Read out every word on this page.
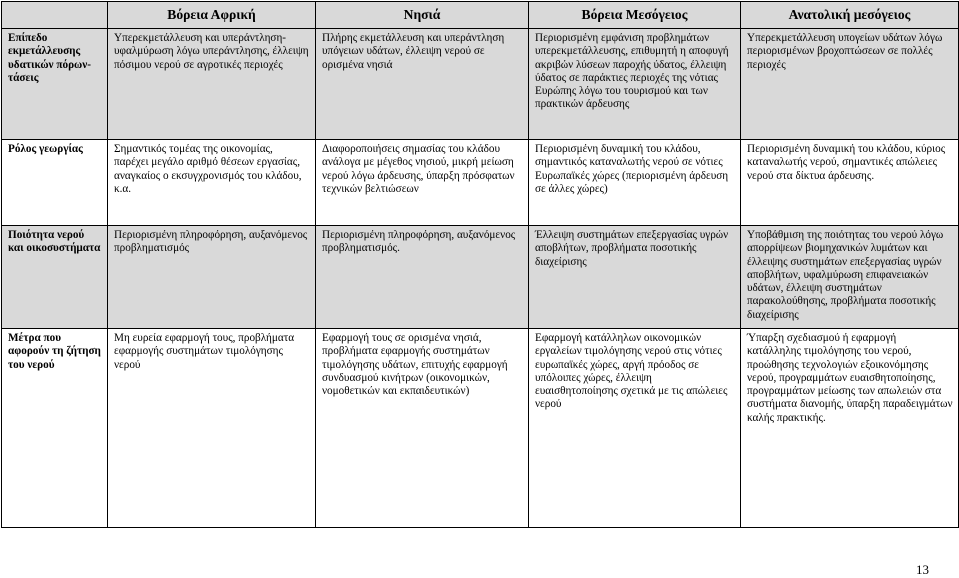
	Βόρεια Αφρική	Νησιά	Βόρεια Μεσόγειος	Ανατολική μεσόγειος
Επίπεδο εκμετάλλευσης υδατικών πόρων-τάσεις	Υπερεκμετάλλευση και υπεράντληση- υφαλμύρωση λόγω υπεράντλησης, έλλειψη πόσιμου νερού σε αγροτικές περιοχές	Πλήρης εκμετάλλευση και υπεράντληση υπόγειων υδάτων, έλλειψη νερού σε ορισμένα νησιά	Περιορισμένη εμφάνιση προβλημάτων υπερεκμετάλλευσης, επιθυμητή η αποφυγή ακριβών λύσεων παροχής ύδατος, έλλειψη ύδατος σε παράκτιες περιοχές της νότιας Ευρώπης λόγω του τουρισμού και των πρακτικών άρδευσης	Υπερεκμετάλλευση υπογείων υδάτων λόγω περιορισμένων βροχοπτώσεων σε πολλές περιοχές
Ρόλος γεωργίας	Σημαντικός τομέας της οικονομίας, παρέχει μεγάλο αριθμό θέσεων εργασίας, αναγκαίος ο εκσυγχρονισμός του κλάδου, κ.α.	Διαφοροποιήσεις σημασίας του κλάδου ανάλογα με μέγεθος νησιού, μικρή μείωση νερού λόγω άρδευσης, ύπαρξη πρόσφατων τεχνικών βελτιώσεων	Περιορισμένη δυναμική του κλάδου, σημαντικός καταναλωτής νερού σε νότιες Ευρωπαϊκές χώρες (περιορισμένη άρδευση σε άλλες χώρες)	Περιορισμένη δυναμική του κλάδου, κύριος καταναλωτής νερού, σημαντικές απώλειες νερού στα δίκτυα άρδευσης.
Ποιότητα νερού και οικοσυστήματα	Περιορισμένη πληροφόρηση, αυξανόμενος προβληματισμός	Περιορισμένη πληροφόρηση, αυξανόμενος προβληματισμός.	Έλλειψη συστημάτων επεξεργασίας υγρών αποβλήτων, προβλήματα ποσοτικής διαχείρισης	Υποβάθμιση της ποιότητας του νερού λόγω απορρίψεων βιομηχανικών λυμάτων και έλλειψης συστημάτων επεξεργασίας υγρών αποβλήτων, υφαλμύρωση επιφανειακών υδάτων, έλλειψη συστημάτων παρακολούθησης, προβλήματα ποσοτικής διαχείρισης
Μέτρα που αφορούν τη ζήτηση του νερού	Μη ευρεία εφαρμογή τους, προβλήματα εφαρμογής συστημάτων τιμολόγησης νερού	Εφαρμογή τους σε ορισμένα νησιά, προβλήματα εφαρμογής συστημάτων τιμολόγησης υδάτων, επιτυχής εφαρμογή συνδυασμού κινήτρων (οικονομικών, νομοθετικών και εκπαιδευτικών)	Εφαρμογή κατάλληλων οικονομικών εργαλείων τιμολόγησης νερού στις νότιες ευρωπαϊκές χώρες, αργή πρόοδος σε υπόλοιπες χώρες, έλλειψη ευαισθητοποίησης σχετικά με τις απώλειες νερού	Ύπαρξη σχεδιασμού ή εφαρμογή κατάλληλης τιμολόγησης του νερού, προώθησης τεχνολογιών εξοικονόμησης νερού, προγραμμάτων ευαισθητοποίησης, προγραμμάτων μείωσης των απωλειών στα συστήματα διανομής, ύπαρξη παραδειγμάτων καλής πρακτικής.
13
